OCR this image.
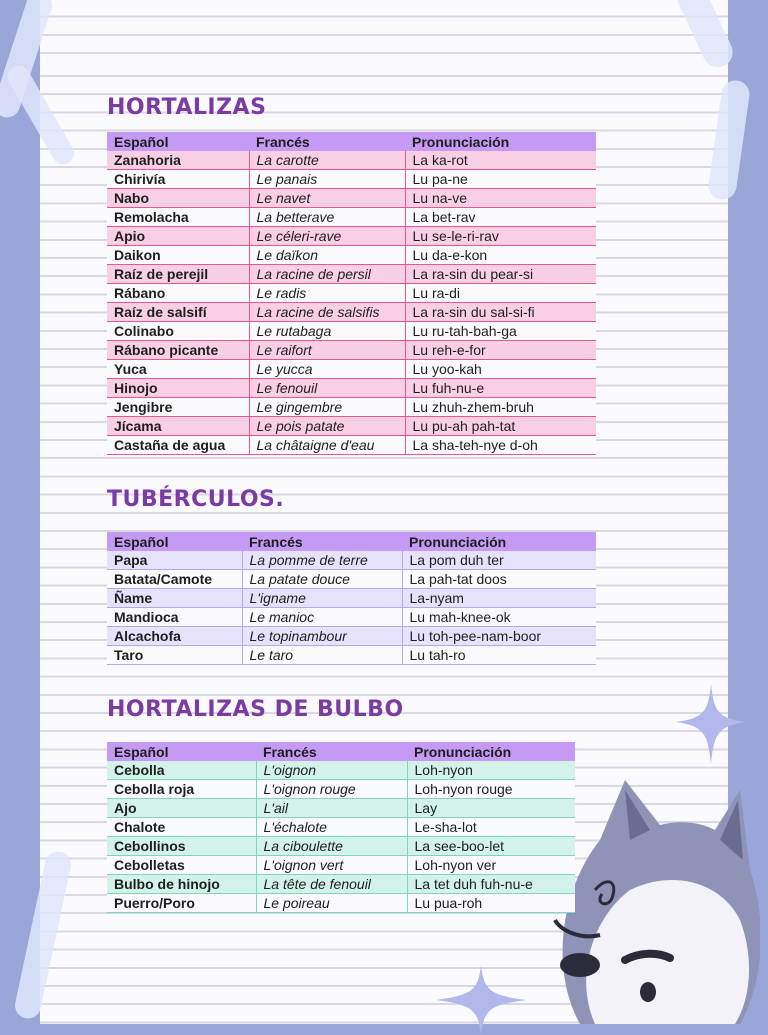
HORTALIZAS
Español	Francés	Pronunciación
Zanahoria	La carotte	La ka-rot
Chirivía	Le panais	Lu pa-ne
Nabo	Le navet	Lu na-ve
Remolacha	La betterave	La bet-rav
Apio	Le céleri-rave	Lu se-le-ri-rav
Daikon	Le daïkon	Lu da-e-kon
Raíz de perejil	La racine de persil	La ra-sin du pear-si
Rábano	Le radis	Lu ra-di
Raíz de salsifí	La racine de salsifis	La ra-sin du sal-si-fi
Colinabo	Le rutabaga	Lu ru-tah-bah-ga
Rábano picante	Le raifort	Lu reh-e-for
Yuca	Le yucca	Lu yoo-kah
Hinojo	Le fenouil	Lu fuh-nu-e
Jengibre	Le gingembre	Lu zhuh-zhem-bruh
Jícama	Le pois patate	Lu pu-ah pah-tat
Castaña de agua	La châtaigne d'eau	La sha-teh-nye d-oh
TUBÉRCULOS.
Español	Francés	Pronunciación
Papa	La pomme de terre	La pom duh ter
Batata/Camote	La patate douce	La pah-tat doos
Ñame	L'igname	La-nyam
Mandioca	Le manioc	Lu mah-knee-ok
Alcachofa	Le topinambour	Lu toh-pee-nam-boor
Taro	Le taro	Lu tah-ro
HORTALIZAS DE BULBO
Español	Francés	Pronunciación
Cebolla	L'oignon	Loh-nyon
Cebolla roja	L'oignon rouge	Loh-nyon rouge
Ajo	L'ail	Lay
Chalote	L'échalote	Le-sha-lot
Cebollinos	La ciboulette	La see-boo-let
Cebolletas	L'oignon vert	Loh-nyon ver
Bulbo de hinojo	La tête de fenouil	La tet duh fuh-nu-e
Puerro/Poro	Le poireau	Lu pua-roh
